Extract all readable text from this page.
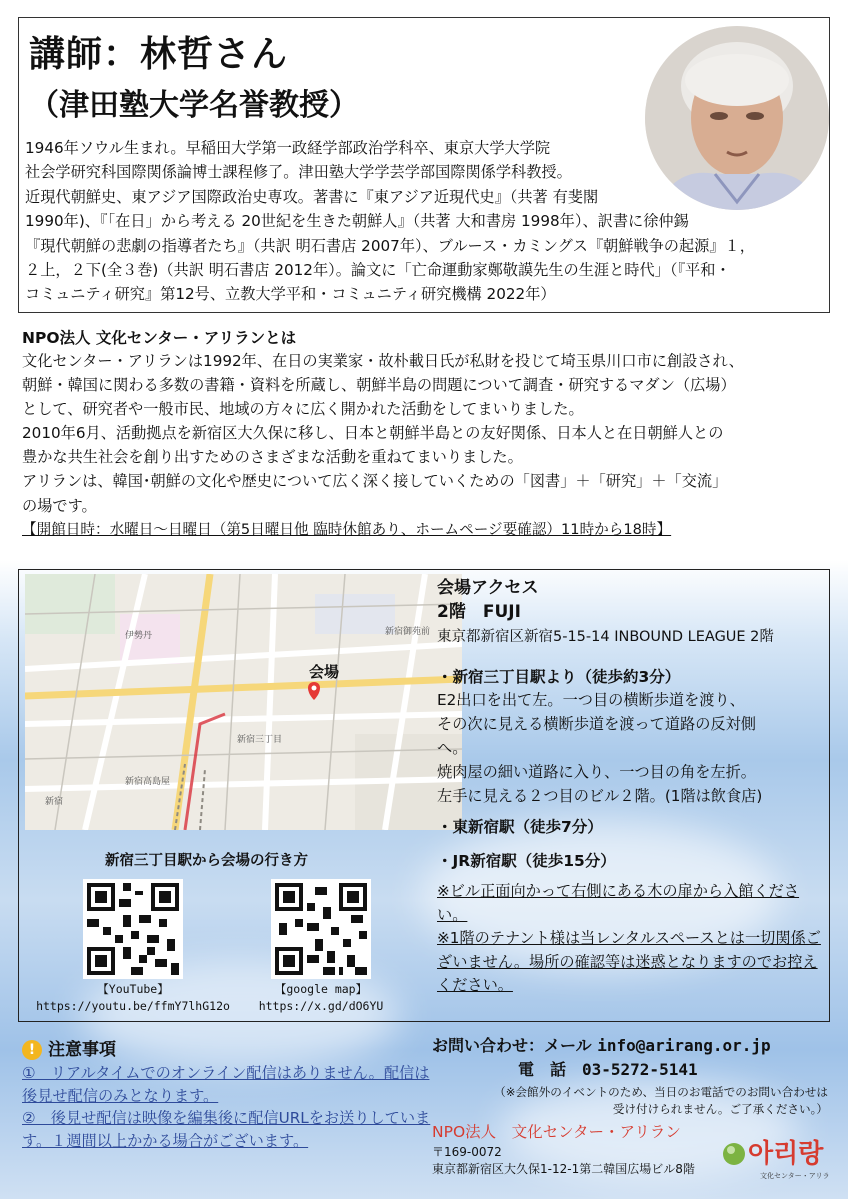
講師：林哲さん
（津田塾大学名誉教授）
1946年ソウル生まれ。早稲田大学第一政経学部政治学科卒、東京大学大学院
社会学研究科国際関係論博士課程修了。津田塾大学学芸学部国際関係学科教授。
近現代朝鮮史、東アジア国際政治史専攻。著書に『東アジア近現代史』（共著 有斐閣
1990年)、『「在日」から考える 20世紀を生きた朝鮮人』（共著 大和書房 1998年）、訳書に徐仲錫
『現代朝鮮の悲劇の指導者たち』（共訳 明石書店 2007年）、ブルース・カミングス『朝鮮戦争の起源』１，
２上，２下(全３巻)（共訳 明石書店 2012年）。論文に「亡命運動家鄭敬謨先生の生涯と時代」（『平和・
コミュニティ研究』第12号、立教大学平和・コミュニティ研究機構 2022年）
NPO法人 文化センター・アリランとは
文化センター・アリランは1992年、在日の実業家・故朴載日氏が私財を投じて埼玉県川口市に創設され、
朝鮮・韓国に関わる多数の書籍・資料を所蔵し、朝鮮半島の問題について調査・研究するマダン（広場）
として、研究者や一般市民、地域の方々に広く開かれた活動をしてまいりました。
2010年6月、活動拠点を新宿区大久保に移し、日本と朝鮮半島との友好関係、日本人と在日朝鮮人との
豊かな共生社会を創り出すためのさまざまな活動を重ねてまいりました。
アリランは、韓国･朝鮮の文化や歴史について広く深く接していくための「図書」＋「研究」＋「交流」
の場です。
【開館日時：水曜日～日曜日（第5日曜日他 臨時休館あり、ホームページ要確認）11時から18時】
新宿三丁目
新宿御苑前
新宿
新宿高島屋
伊勢丹
会場
新宿三丁目駅から会場の行き方
【YouTube】
https://youtu.be/ffmY7lhG12o
【google map】
https://x.gd/dO6YU
会場アクセス
2階　FUJI
東京都新宿区新宿5-15-14 INBOUND LEAGUE 2階
・新宿三丁目駅より（徒歩約3分）
E2出口を出て左。一つ目の横断歩道を渡り、
その次に見える横断歩道を渡って道路の反対側
へ。
焼肉屋の細い道路に入り、一つ目の角を左折。
左手に見える２つ目のビル２階。(1階は飲食店)
・東新宿駅（徒歩7分）
・JR新宿駅（徒歩15分）
※ビル正面向かって右側にある木の扉から入館ください。
※1階のテナント様は当レンタルスペースとは一切関係ございません。場所の確認等は迷惑となりますのでお控えください。
! 注意事項
①　リアルタイムでのオンライン配信はありません。配信は後見せ配信のみとなります。
②　後見せ配信は映像を編集後に配信URLをお送りしています。１週間以上かかる場合がございます。
お問い合わせ：メール info@arirang.or.jp
電　話　03-5272-5141
（※会館外のイベントのため、当日のお電話でのお問い合わせは
受け付けられません。ご了承ください。）
NPO法人　文化センター・アリラン
〒169-0072
東京都新宿区大久保1-12-1第二韓国広場ビル8階	아리랑
文化センター・アリラン
